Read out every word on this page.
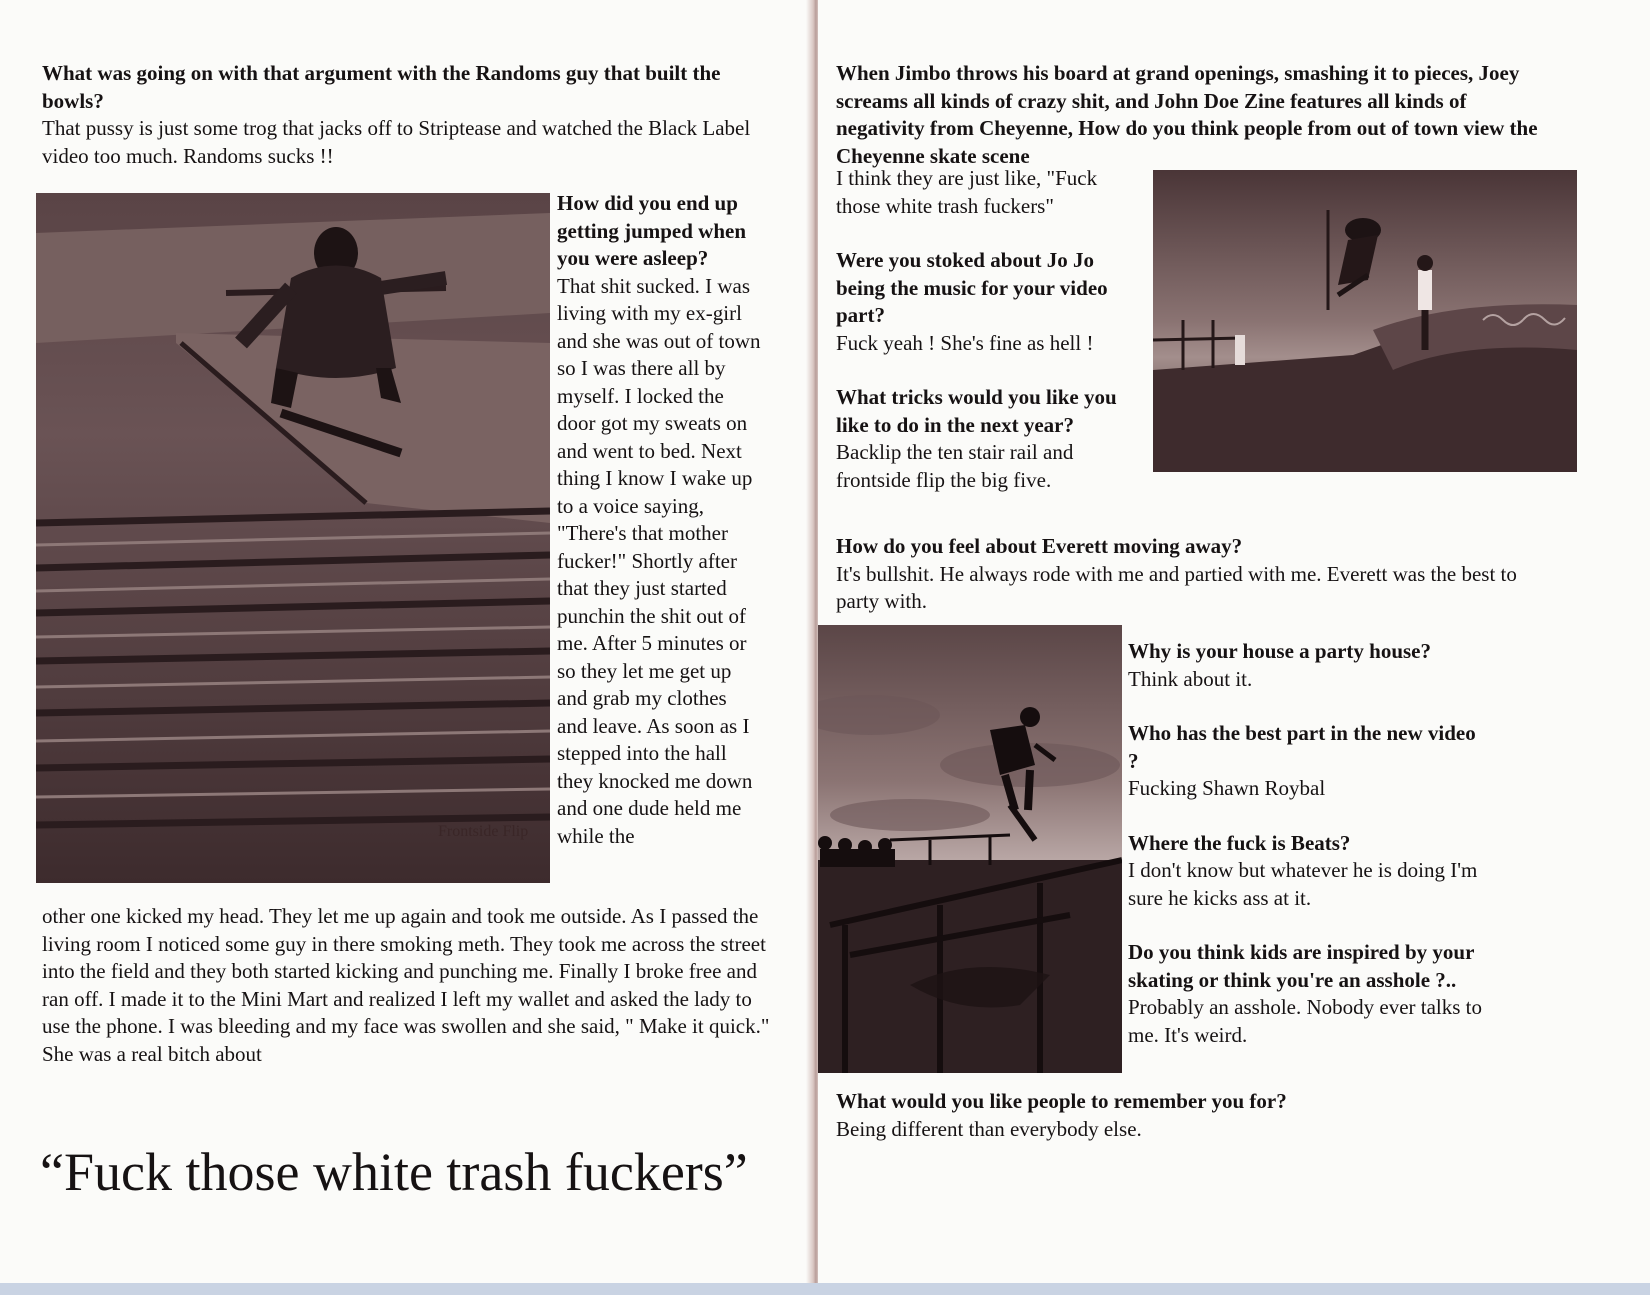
What was going on with that argument with the Randoms guy that built the bowls?
That pussy is just some trog that jacks off to Striptease and watched the Black Label video too much. Randoms sucks !!
Frontside Flip
How did you end up getting jumped when you were asleep?
That shit sucked. I was living with my ex-girl and she was out of town so I was there all by myself. I locked the door got my sweats on and went to bed. Next thing I know I wake up to a voice saying, "There's that mother fucker!" Shortly after that they just started punchin the shit out of me. After 5 minutes or so they let me get up and grab my clothes and leave. As soon as I stepped into the hall they knocked me down and one dude held me while the
other one kicked my head. They let me up again and took me outside. As I passed the living room I noticed some guy in there smoking meth. They took me across the street into the field and they both started kicking and punching me. Finally I broke free and ran off. I made it to the Mini Mart and realized I left my wallet and asked the lady to use the phone. I was bleeding and my face was swollen and she said, " Make it quick." She was a real bitch about
“Fuck those white trash fuckers”
When Jimbo throws his board at grand openings, smashing it to pieces, Joey screams all kinds of crazy shit, and John Doe Zine features all kinds of negativity from Cheyenne, How do you think people from out of town view the Cheyenne skate scene
I think they are just like, "Fuck those white trash fuckers"
Were you stoked about Jo Jo being the music for your video part?
Fuck yeah ! She's fine as hell !
What tricks would you like you like to do in the next year?
Backlip the ten stair rail and frontside flip the big five.
How do you feel about Everett moving away?
It's bullshit. He always rode with me and partied with me. Everett was the best to party with.
Why is your house a party house?
Think about it.
Who has the best part in the new video ?
Fucking Shawn Roybal
Where the fuck is Beats?
I don't know but whatever he is doing I'm sure he kicks ass at it.
Do you think kids are inspired by your skating or think you're an asshole ?..
Probably an asshole. Nobody ever talks to me. It's weird.
What would you like people to remember you for?
Being different than everybody else.
